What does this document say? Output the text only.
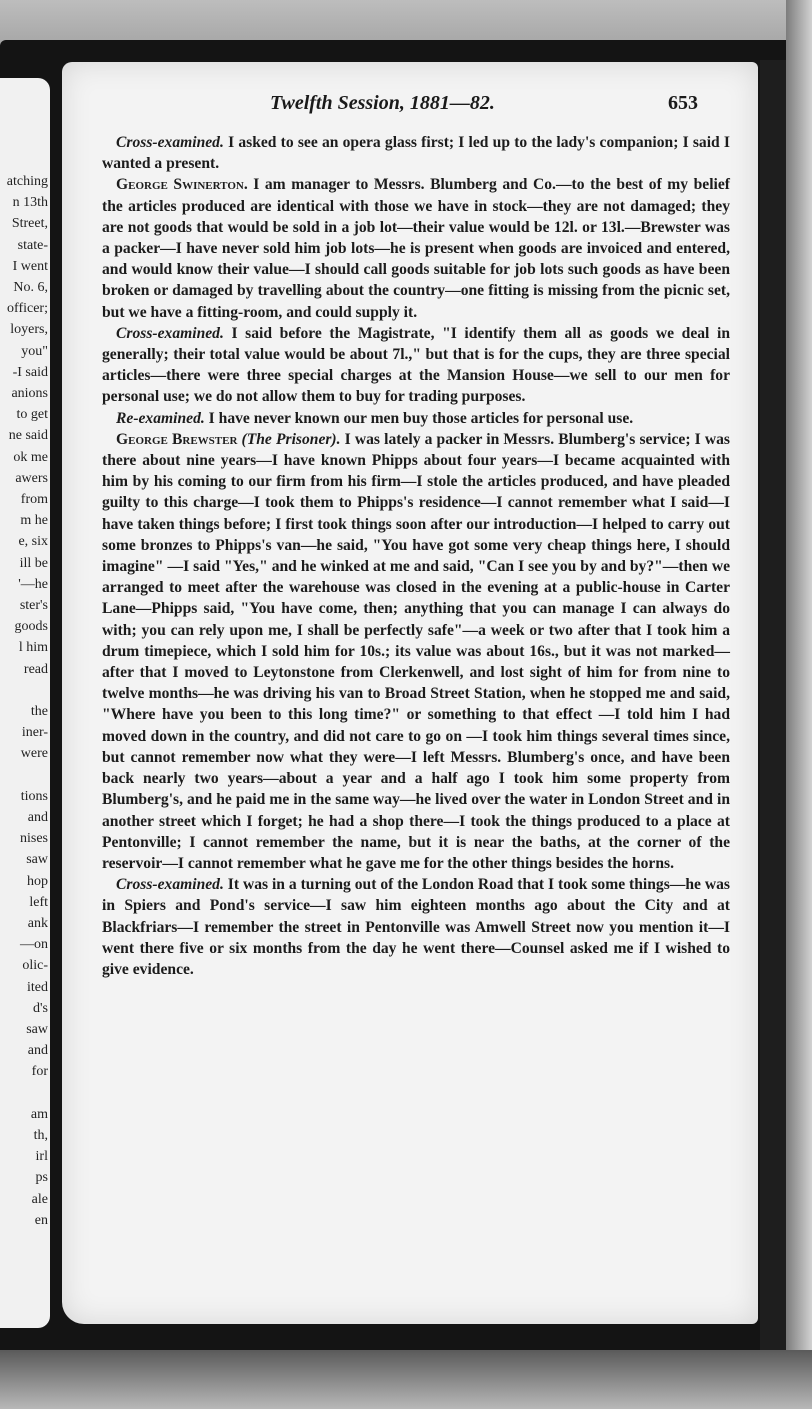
atching
n 13th
Street,
state-
I went
No. 6,
officer;
loyers,
you"
-I said
anions
to get
ne said
ok me
awers
from
m he
e, six
ill be
'—he
ster's
goods
l him
read
the
iner-
were
tions
and
nises
saw
hop
left
ank
—on
olic-
ited
d's
saw
and
for
am
th,
irl
ps
ale
en
Twelfth Session, 1881—82.	653

Cross-examined. I asked to see an opera glass first; I led up to the lady's companion; I said I wanted a present.

George Swinerton. I am manager to Messrs. Blumberg and Co.—to the best of my belief the articles produced are identical with those we have in stock—they are not damaged; they are not goods that would be sold in a job lot—their value would be 12l. or 13l.—Brewster was a packer—I have never sold him job lots—he is present when goods are invoiced and entered, and would know their value—I should call goods suitable for job lots such goods as have been broken or damaged by travelling about the country—one fitting is missing from the picnic set, but we have a fitting-room, and could supply it.

Cross-examined. I said before the Magistrate, "I identify them all as goods we deal in generally; their total value would be about 7l.," but that is for the cups, they are three special articles—there were three special charges at the Mansion House—we sell to our men for personal use; we do not allow them to buy for trading purposes.

Re-examined. I have never known our men buy those articles for personal use.

George Brewster (The Prisoner). I was lately a packer in Messrs. Blumberg's service; I was there about nine years—I have known Phipps about four years—I became acquainted with him by his coming to our firm from his firm—I stole the articles produced, and have pleaded guilty to this charge—I took them to Phipps's residence—I cannot remember what I said—I have taken things before; I first took things soon after our introduction—I helped to carry out some bronzes to Phipps's van—he said, "You have got some very cheap things here, I should imagine" —I said "Yes," and he winked at me and said, "Can I see you by and by?"—then we arranged to meet after the warehouse was closed in the evening at a public-house in Carter Lane—Phipps said, "You have come, then; anything that you can manage I can always do with; you can rely upon me, I shall be perfectly safe"—a week or two after that I took him a drum timepiece, which I sold him for 10s.; its value was about 16s., but it was not marked—after that I moved to Leytonstone from Clerkenwell, and lost sight of him for from nine to twelve months—he was driving his van to Broad Street Station, when he stopped me and said, "Where have you been to this long time?" or something to that effect —I told him I had moved down in the country, and did not care to go on —I took him things several times since, but cannot remember now what they were—I left Messrs. Blumberg's once, and have been back nearly two years—about a year and a half ago I took him some property from Blumberg's, and he paid me in the same way—he lived over the water in London Street and in another street which I forget; he had a shop there—I took the things produced to a place at Pentonville; I cannot remember the name, but it is near the baths, at the corner of the reservoir—I cannot remember what he gave me for the other things besides the horns.

Cross-examined. It was in a turning out of the London Road that I took some things—he was in Spiers and Pond's service—I saw him eighteen months ago about the City and at Blackfriars—I remember the street in Pentonville was Amwell Street now you mention it—I went there five or six months from the day he went there—Counsel asked me if I wished to give evidence.
